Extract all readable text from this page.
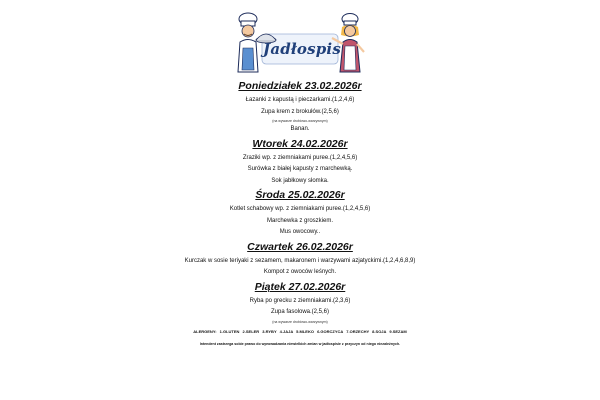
Jadłospis

Poniedziałek 23.02.2026r

Łazanki z kapustą i pieczarkami.(1,2,4,6)

Zupa krem z brokułów.(2,5,6)

(na wywarze drobiowo-warzywnym)

Banan.

Wtorek 24.02.2026r

Zraziki wp. z ziemniakami puree.(1,2,4,5,6)

Surówka z białej kapusty z marchewką.

Sok jabłkowy słomka.

Środa 25.02.2026r

Kotlet schabowy wp. z ziemniakami puree.(1,2,4,5,6)

Marchewka z groszkiem.

Mus owocowy..

Czwartek 26.02.2026r

Kurczak w sosie teriyaki z sezamem, makaronem i warzywami azjatyckimi.(1,2,4,6,8,9)

Kompot z owoców leśnych.

Piątek 27.02.2026r

Ryba po grecku z ziemniakami.(2,3,6)

Zupa fasolowa.(2,5,6)

(na wywarze drobiowo-warzywnym)

ALERGENY: 1.GLUTEN 2.SELER 3.RYBY 4.JAJA 5.MLEKO 6.GORCZYCA 7.ORZECHY 8.SOJA 9.SEZAM

Intendent zastrzega sobie prawo do wprowadzania niewielkich zmian w jadłospisie z przyczyn od niego niezależnych.
